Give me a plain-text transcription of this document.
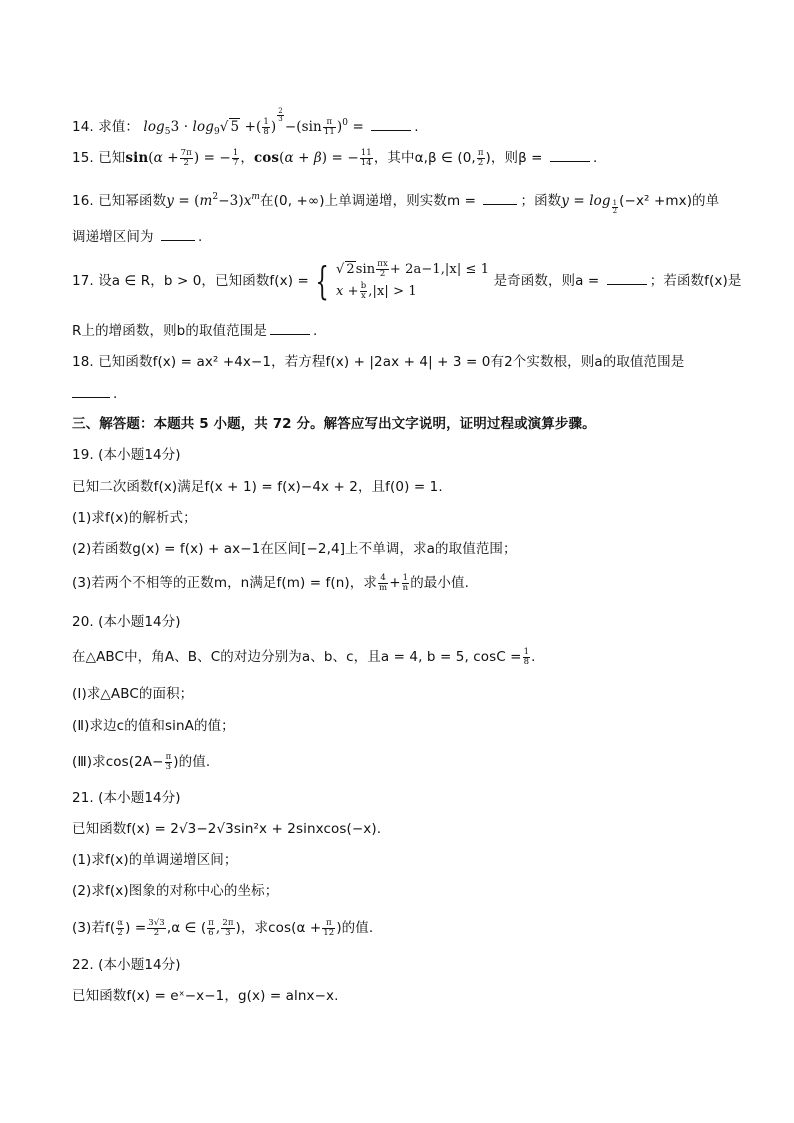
14. 求值： $\log_53 \cdot \log_9√$ 5 +( $\frac{1}{8}$ )
$\frac{2}{3}$
$-(\sin \frac{\pi}{11} )^0$ =	.
15. 已知$\sin(\alpha + \frac{7\pi}{2}$ ) = − $\frac{1}{7}$ ，cos(α + β) = − $\frac{11}{14}$ ，其中α,β ∈ (0, $\frac{\pi}{2}$ )，则β =	.
16. 已知幂函数$y = (m^2-3)x^m$在(0, +∞)上单调递增，则实数m =	；函数$y = \log \frac{1}{2} (-x^2 +mx)$的单
调递增区间为	.
17. 设a ∈ R，b > 0，已知函数f(x) = { √ $2\sin \frac{\pi x}{2} + 2a-1,|x| \le 1$
$x + \frac{b}{x} ,|x| > 1$
是奇函数，则a =	；若函数f(x)是
R上的增函数，则b的取值范围是	.
18. 已知函数f(x) = ax² +4x−1，若方程f(x) + |2ax + 4| + 3 = 0有2个实数根，则a的取值范围是
.
三、解答题：本题共 5 小题，共 72 分。解答应写出文字说明，证明过程或演算步骤。
19. (本小题14分)
已知二次函数f(x)满足f(x + 1) = f(x)−4x + 2，且f(0) = 1.
(1)求f(x)的解析式；
(2)若函数g(x) = f(x) + ax−1在区间[−2,4]上不单调，求a的取值范围；
(3)若两个不相等的正数m，n满足f(m) = f(n)，求 $\frac{4}{m} + \frac{1}{n}$ 的最小值.
20. (本小题14分)
在△ABC中，角A、B、C的对边分别为a、b、c，且a = 4, b = 5, $\cos C = \frac{1}{8}$ .
(Ⅰ)求△ABC的面积；
(Ⅱ)求边c的值和sinA的值；
(Ⅲ)求$\cos(2A- \frac{\pi}{3}$ )的值.
21. (本小题14分)
已知函数f(x) = 2√3−2√3sin²x + 2sinxcos(−x).
(1)求f(x)的单调递增区间；
(2)求f(x)图象的对称中心的坐标；
(3)若$f( \frac{\alpha}{2}$ ) = $\frac{3√3}{2} ,\alpha$ ∈ ( $\frac{\pi}{6}$ , $\frac{2\pi}{3}$ )，求$\cos(\alpha + \frac{\pi}{12}$ )的值.
22. (本小题14分)
已知函数f(x) = eˣ−x−1，g(x) = alnx−x.
